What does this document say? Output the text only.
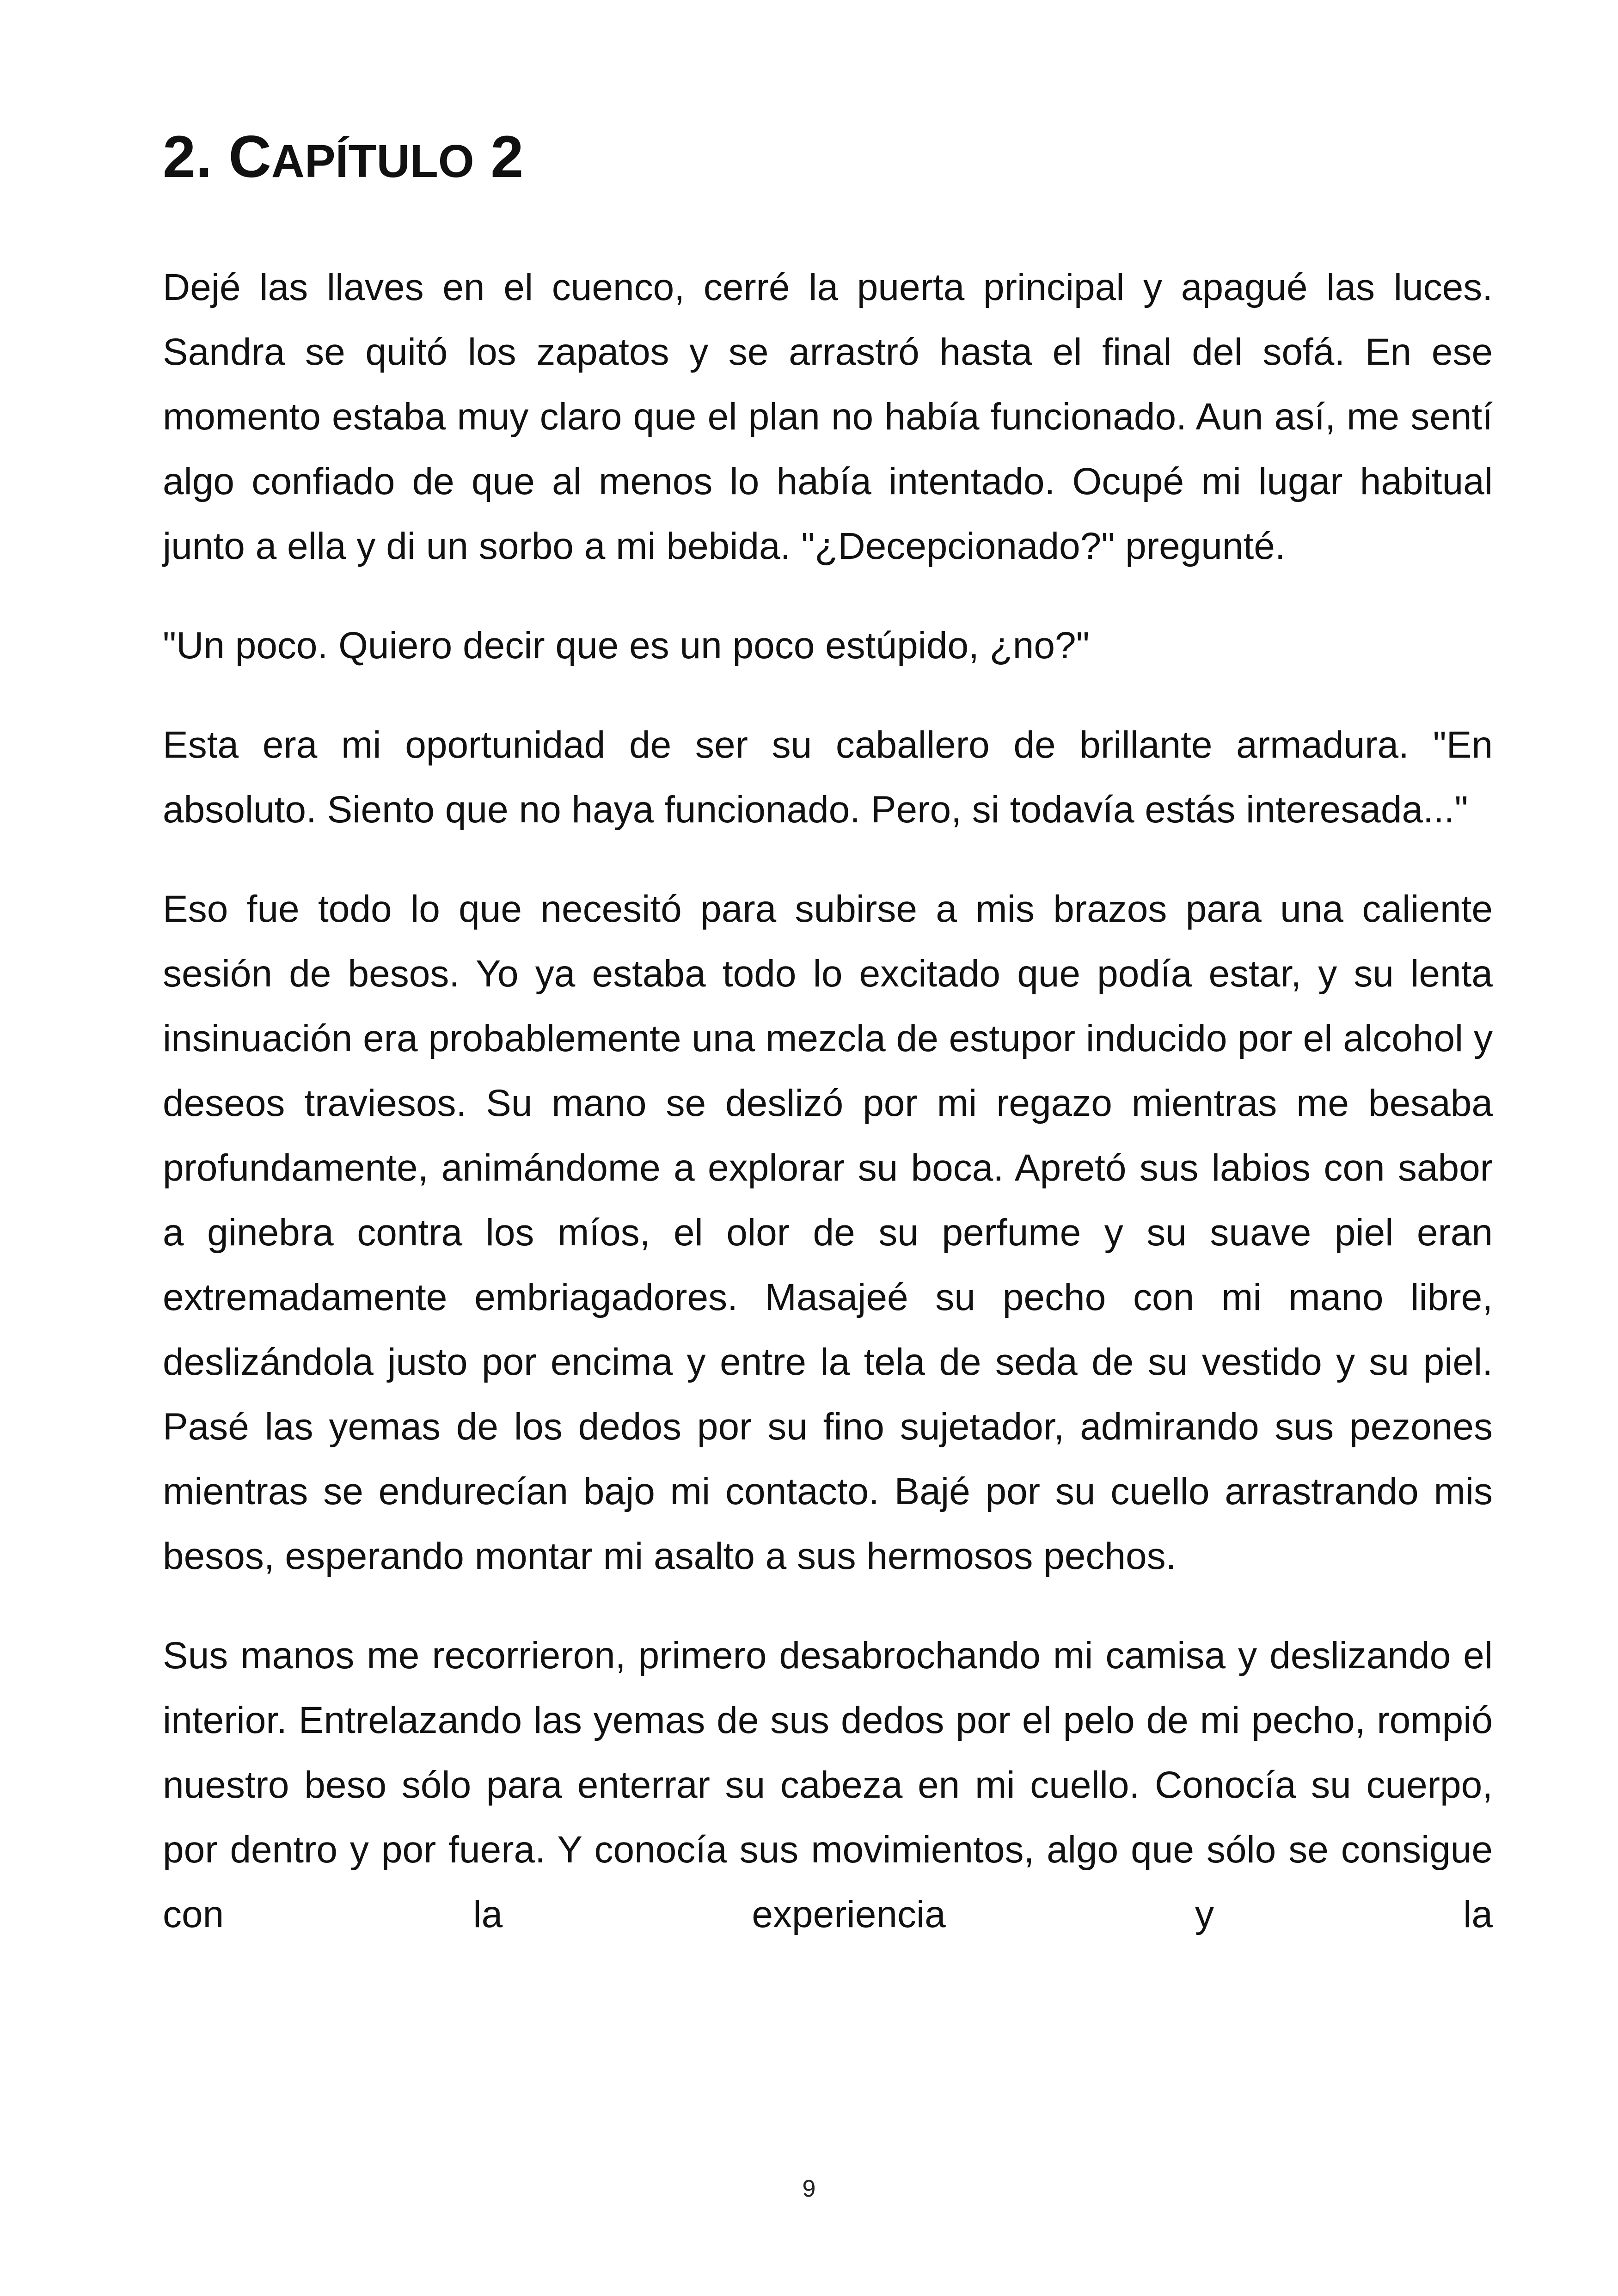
2. CAPÍTULO 2

Dejé las llaves en el cuenco, cerré la puerta principal y apagué las luces. Sandra se quitó los zapatos y se arrastró hasta el final del sofá. En ese momento estaba muy claro que el plan no había funcionado. Aun así, me sentí algo confiado de que al menos lo había intentado. Ocupé mi lugar habitual junto a ella y di un sorbo a mi bebida. "¿Decepcionado?" pregunté.

"Un poco. Quiero decir que es un poco estúpido, ¿no?"

Esta era mi oportunidad de ser su caballero de brillante armadura. "En absoluto. Siento que no haya funcionado. Pero, si todavía estás interesada..."

Eso fue todo lo que necesitó para subirse a mis brazos para una caliente sesión de besos. Yo ya estaba todo lo excitado que podía estar, y su lenta insinuación era probablemente una mezcla de estupor inducido por el alcohol y deseos traviesos. Su mano se deslizó por mi regazo mientras me besaba profundamente, animándome a explorar su boca. Apretó sus labios con sabor a ginebra contra los míos, el olor de su perfume y su suave piel eran extremadamente embriagadores. Masajeé su pecho con mi mano libre, deslizándola justo por encima y entre la tela de seda de su vestido y su piel. Pasé las yemas de los dedos por su fino sujetador, admirando sus pezones mientras se endurecían bajo mi contacto. Bajé por su cuello arrastrando mis besos, esperando montar mi asalto a sus hermosos pechos.

Sus manos me recorrieron, primero desabrochando mi camisa y deslizando el interior. Entrelazando las yemas de sus dedos por el pelo de mi pecho, rompió nuestro beso sólo para enterrar su cabeza en mi cuello. Conocía su cuerpo, por dentro y por fuera. Y conocía sus movimientos, algo que sólo se consigue con la experiencia y la

9
